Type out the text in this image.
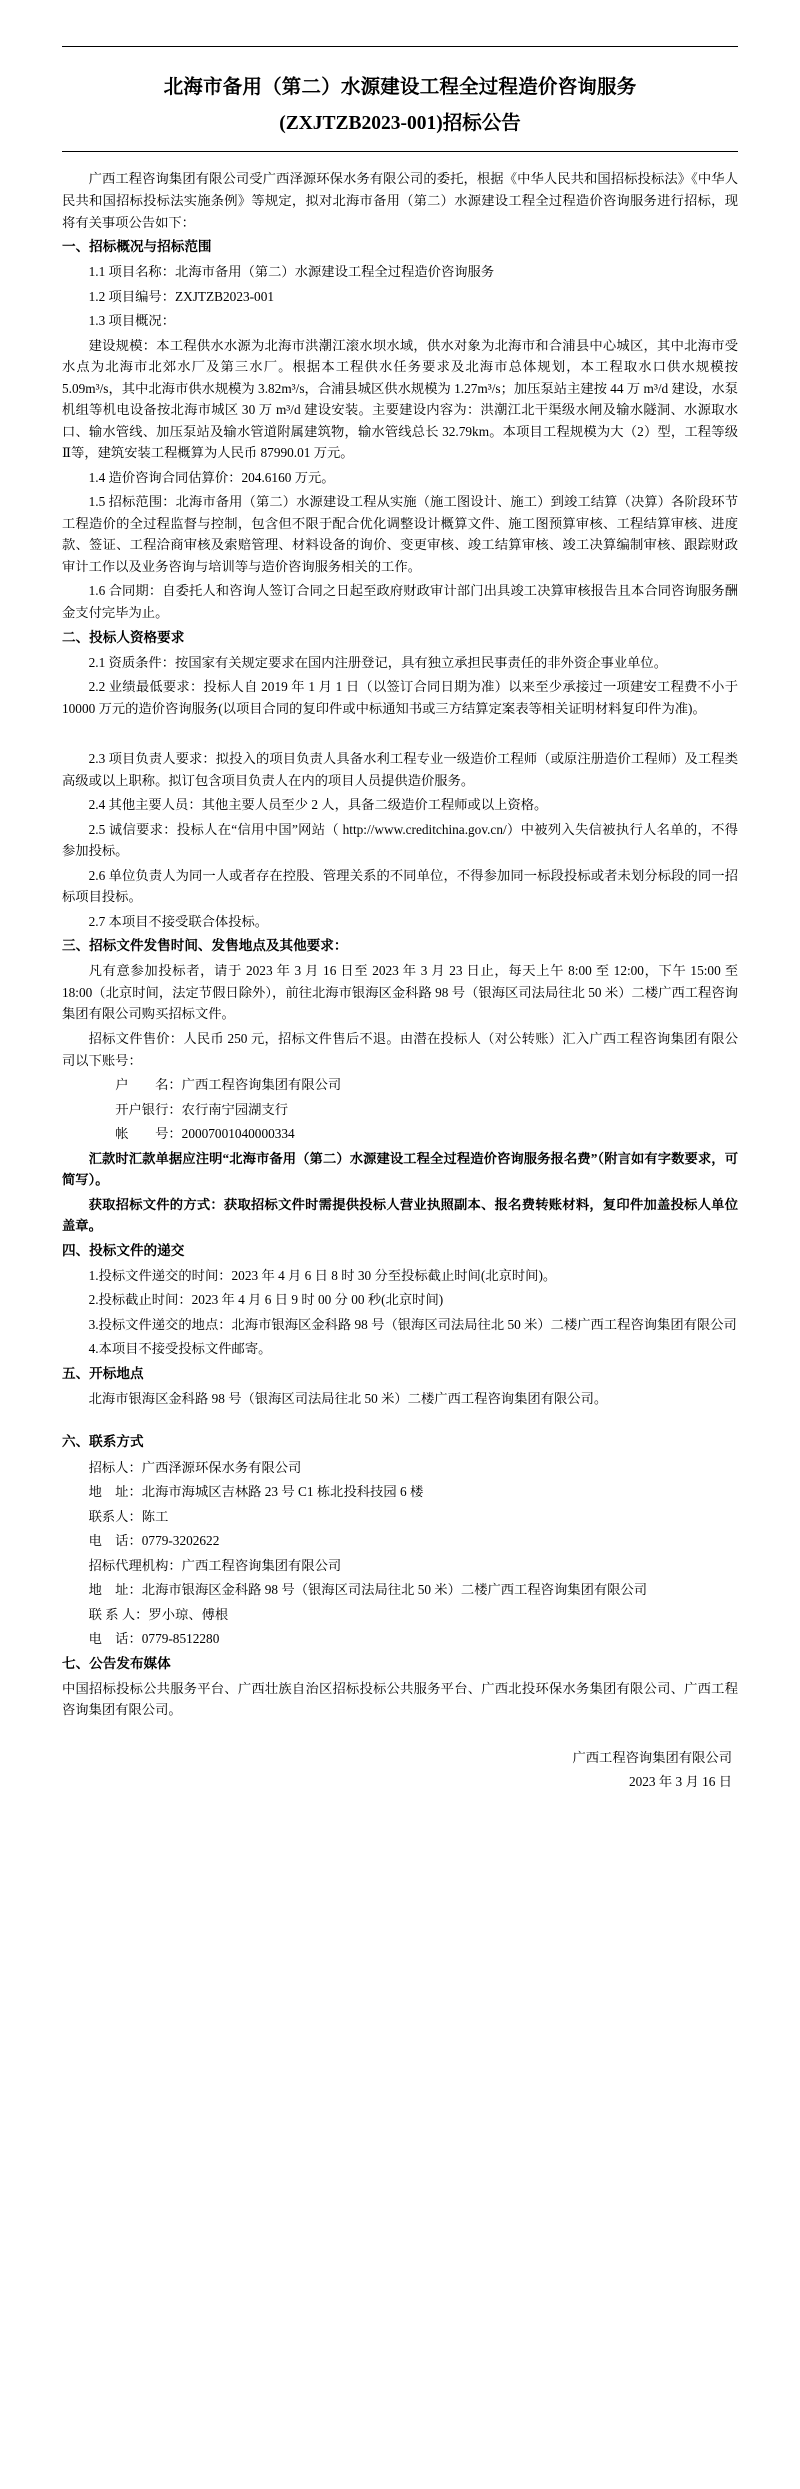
北海市备用（第二）水源建设工程全过程造价咨询服务
(ZXJTZB2023-001)招标公告

广西工程咨询集团有限公司受广西泽源环保水务有限公司的委托，根据《中华人民共和国招标投标法》《中华人民共和国招标投标法实施条例》等规定，拟对北海市备用（第二）水源建设工程全过程造价咨询服务进行招标，现将有关事项公告如下：

一、招标概况与招标范围

1.1 项目名称：北海市备用（第二）水源建设工程全过程造价咨询服务

1.2 项目编号：ZXJTZB2023-001

1.3 项目概况：

建设规模：本工程供水水源为北海市洪潮江滚水坝水域，供水对象为北海市和合浦县中心城区，其中北海市受水点为北海市北郊水厂及第三水厂。根据本工程供水任务要求及北海市总体规划，本工程取水口供水规模按 5.09m³/s，其中北海市供水规模为 3.82m³/s，合浦县城区供水规模为 1.27m³/s；加压泵站主建按 44 万 m³/d 建设，水泵机组等机电设备按北海市城区 30 万 m³/d 建设安装。主要建设内容为：洪潮江北干渠级水闸及输水隧洞、水源取水口、输水管线、加压泵站及输水管道附属建筑物，输水管线总长 32.79km。本项目工程规模为大（2）型，工程等级Ⅱ等，建筑安装工程概算为人民币 87990.01 万元。

1.4 造价咨询合同估算价：204.6160 万元。

1.5 招标范围：北海市备用（第二）水源建设工程从实施（施工图设计、施工）到竣工结算（决算）各阶段环节工程造价的全过程监督与控制，包含但不限于配合优化调整设计概算文件、施工图预算审核、工程结算审核、进度款、签证、工程洽商审核及索赔管理、材料设备的询价、变更审核、竣工结算审核、竣工决算编制审核、跟踪财政审计工作以及业务咨询与培训等与造价咨询服务相关的工作。

1.6 合同期：自委托人和咨询人签订合同之日起至政府财政审计部门出具竣工决算审核报告且本合同咨询服务酬金支付完毕为止。

二、投标人资格要求

2.1 资质条件：按国家有关规定要求在国内注册登记，具有独立承担民事责任的非外资企事业单位。

2.2 业绩最低要求：投标人自 2019 年 1 月 1 日（以签订合同日期为准）以来至少承接过一项建安工程费不小于 10000 万元的造价咨询服务(以项目合同的复印件或中标通知书或三方结算定案表等相关证明材料复印件为准)。

2.3 项目负责人要求：拟投入的项目负责人具备水利工程专业一级造价工程师（或原注册造价工程师）及工程类高级或以上职称。拟订包含项目负责人在内的项目人员提供造价服务。

2.4 其他主要人员：其他主要人员至少 2 人，具备二级造价工程师或以上资格。

2.5 诚信要求：投标人在“信用中国”网站（ http://www.creditchina.gov.cn/）中被列入失信被执行人名单的，不得参加投标。

2.6 单位负责人为同一人或者存在控股、管理关系的不同单位，不得参加同一标段投标或者未划分标段的同一招标项目投标。

2.7 本项目不接受联合体投标。

三、招标文件发售时间、发售地点及其他要求：

凡有意参加投标者，请于 2023 年 3 月 16 日至 2023 年 3 月 23 日止，每天上午 8:00 至 12:00，下午 15:00 至 18:00（北京时间，法定节假日除外），前往北海市银海区金科路 98 号（银海区司法局往北 50 米）二楼广西工程咨询集团有限公司购买招标文件。

招标文件售价：人民币 250 元，招标文件售后不退。由潜在投标人（对公转账）汇入广西工程咨询集团有限公司以下账号：

户　　名：广西工程咨询集团有限公司

开户银行：农行南宁园湖支行

帐　　号：20007001040000334

汇款时汇款单据应注明“北海市备用（第二）水源建设工程全过程造价咨询服务报名费”（附言如有字数要求，可简写）。

获取招标文件的方式：获取招标文件时需提供投标人营业执照副本、报名费转账材料，复印件加盖投标人单位盖章。

四、投标文件的递交

1.投标文件递交的时间：2023 年 4 月 6 日 8 时 30 分至投标截止时间(北京时间)。

2.投标截止时间：2023 年 4 月 6 日 9 时 00 分 00 秒(北京时间)

3.投标文件递交的地点：北海市银海区金科路 98 号（银海区司法局往北 50 米）二楼广西工程咨询集团有限公司

4.本项目不接受投标文件邮寄。

五、开标地点

北海市银海区金科路 98 号（银海区司法局往北 50 米）二楼广西工程咨询集团有限公司。

六、联系方式

招标人：广西泽源环保水务有限公司

地　址：北海市海城区吉林路 23 号 C1 栋北投科技园 6 楼

联系人：陈工

电　话：0779-3202622

招标代理机构：广西工程咨询集团有限公司

地　址：北海市银海区金科路 98 号（银海区司法局往北 50 米）二楼广西工程咨询集团有限公司

联 系 人：罗小琼、傅根

电　话：0779-8512280

七、公告发布媒体

中国招标投标公共服务平台、广西壮族自治区招标投标公共服务平台、广西北投环保水务集团有限公司、广西工程咨询集团有限公司。

广西工程咨询集团有限公司
2023 年 3 月 16 日
